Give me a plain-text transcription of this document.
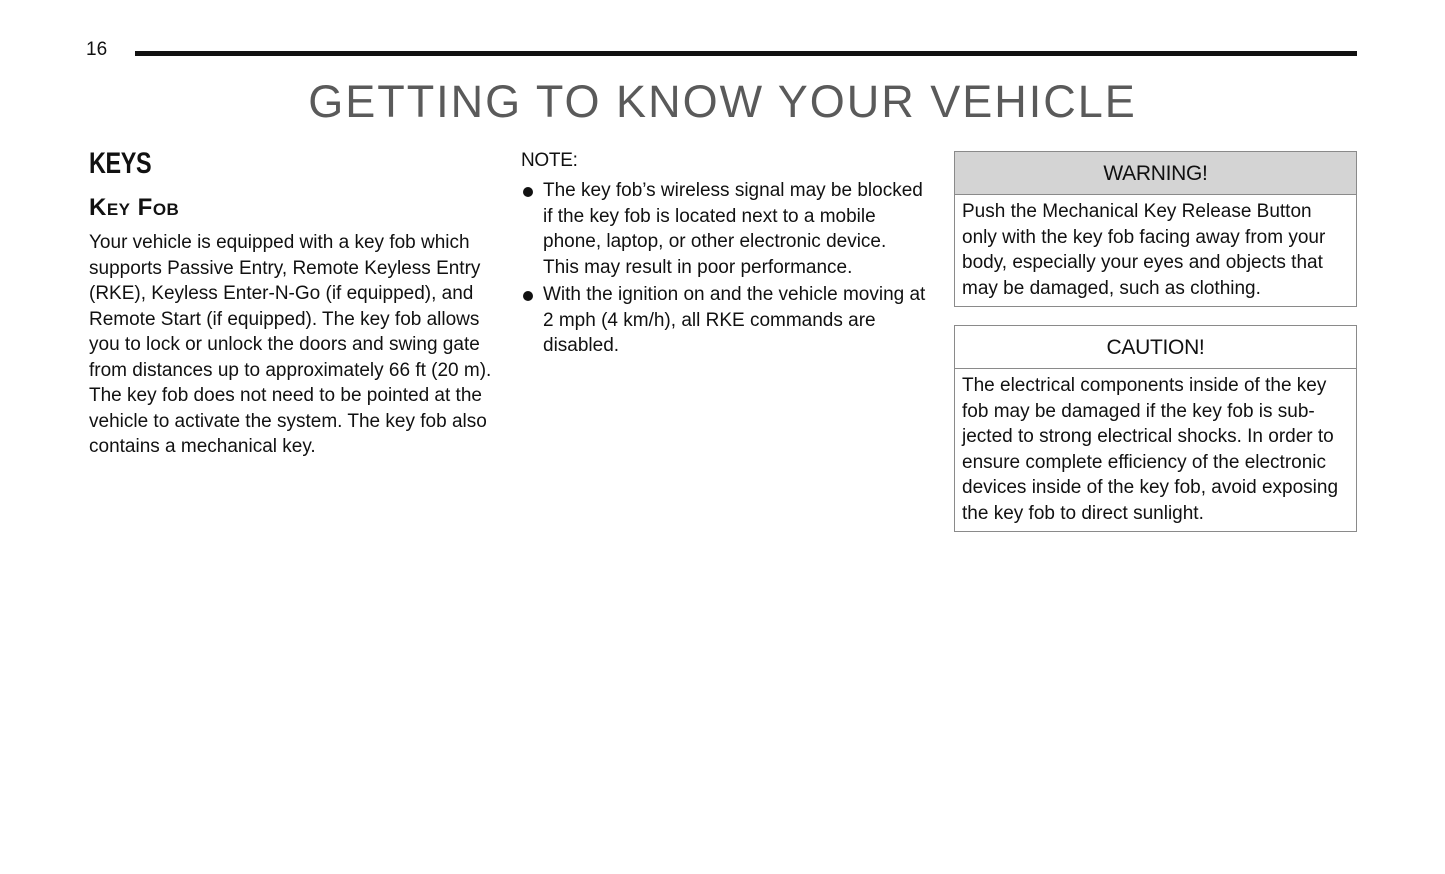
16
GETTING TO KNOW YOUR VEHICLE
KEYS
Key Fob

Your vehicle is equipped with a key fob which supports Passive Entry, Remote Keyless Entry (RKE), Keyless Enter-N-Go (if equipped), and Remote Start (if equipped). The key fob allows you to lock or unlock the doors and swing gate from distances up to approximately 66 ft (20 m). The key fob does not need to be pointed at the vehicle to activate the system. The key fob also contains a mechanical key.

NOTE:
The key fob’s wireless signal may be blocked if the key fob is located next to a mobile phone, laptop, or other electronic device. This may result in poor performance.
With the ignition on and the vehicle moving at 2 mph (4 km/h), all RKE commands are disabled.
WARNING!
Push the Mechanical Key Release Button only with the key fob facing away from your body, especially your eyes and objects that may be damaged, such as clothing.
CAUTION!
The electrical components inside of the key fob may be damaged if the key fob is sub-jected to strong electrical shocks. In order to ensure complete efficiency of the electronic devices inside of the key fob, avoid exposing the key fob to direct sunlight.
